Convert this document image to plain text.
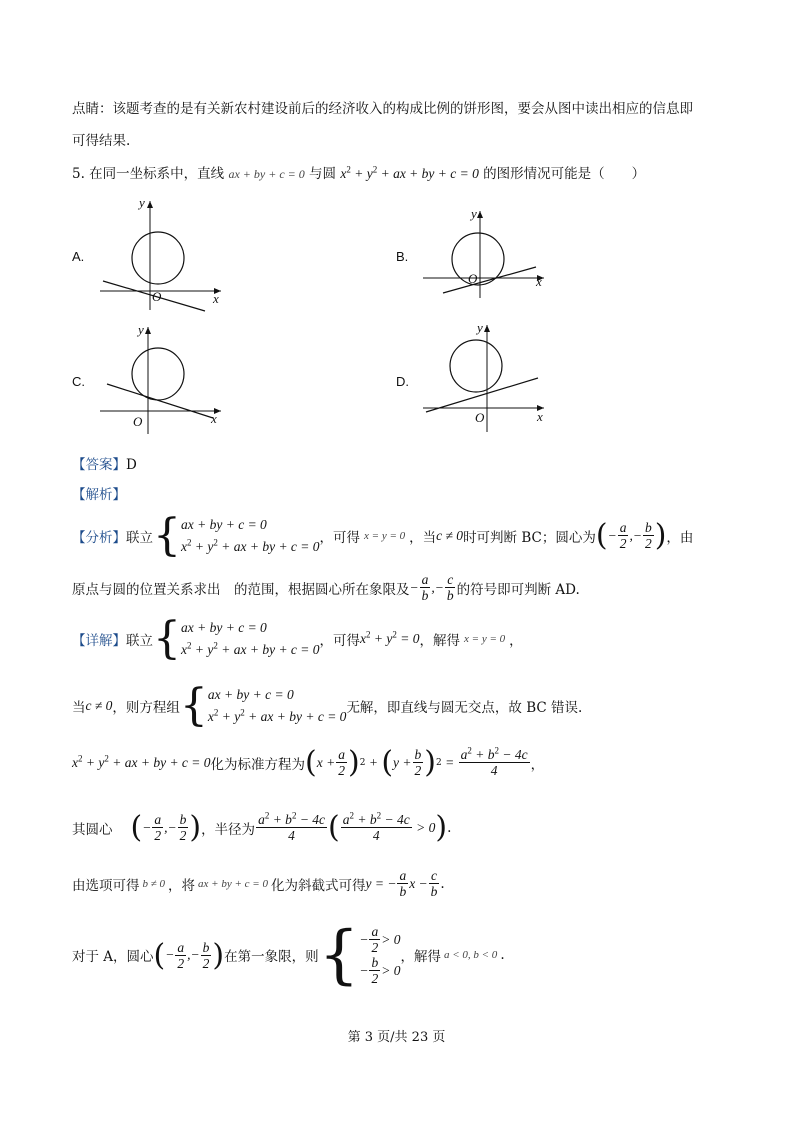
点睛：该题考查的是有关新农村建设前后的经济收入的构成比例的饼形图，要会从图中读出相应的信息即
可得结果.
5. 在同一坐标系中，直线 ax + by + c = 0 与圆 $x^2 + y^2$ + ax + by + c = 0 的图形情况可能是（　　）
A.	B.
C.	D.
x
y
O
x
y
O
x
y
O	x
y
O
【答案】D
【解析】
【分析】 联立 { ax + by + c = 0
$x^2 + y^2$ + ax + by + c = 0
，可得 x = y = 0 ，当 c ≠ 0 时可判断 BC；圆心为 ( − $\frac{a}{2}$ ,− $\frac{b}{2}$ ) ，由
原点与圆的位置关系求出　的范围，根据圆心所在象限及 − $\frac{a}{b}$ ,− $\frac{c}{b}$ 的符号即可判断 AD.
【详解】 联立 { ax + by + c = 0
$x^2 + y^2$ + ax + by + c = 0
，可得 $x^2 + y^2 = 0$ ，解得 x = y = 0 ，
当 c ≠ 0 ，则方程组 { ax + by + c = 0
$x^2 + y^2$ + ax + by + c = 0
无解，即直线与圆无交点，故 BC 错误.
$x^2 + y^2$ + ax + by + c = 0 化为标准方程为 ( $x + \frac{a}{2}$ ) 2 + ( $y + \frac{b}{2}$ ) $2 = \frac{a^2 + b^2 - 4c}{4}$ ，
其圆心 ( − $\frac{a}{2}$ ,− $\frac{b}{2}$ ) ，半径为 $\frac{a^2 + b^2 - 4c}{4}$ ( $\frac{a^2 + b^2 - 4c}{4} > 0$ ) .
由选项可得 b ≠ 0 ，将 ax + by + c = 0 化为斜截式可得 y = − $\frac{a}{b}$ $x - \frac{c}{b}$ .
对于 A，圆心 ( − $\frac{a}{2}$ ,− $\frac{b}{2}$ ) 在第一象限，则 { − $\frac{a}{2} > 0$
− $\frac{b}{2} > 0$
，解得 a < 0, b < 0 .
第 3 页/共 23 页
